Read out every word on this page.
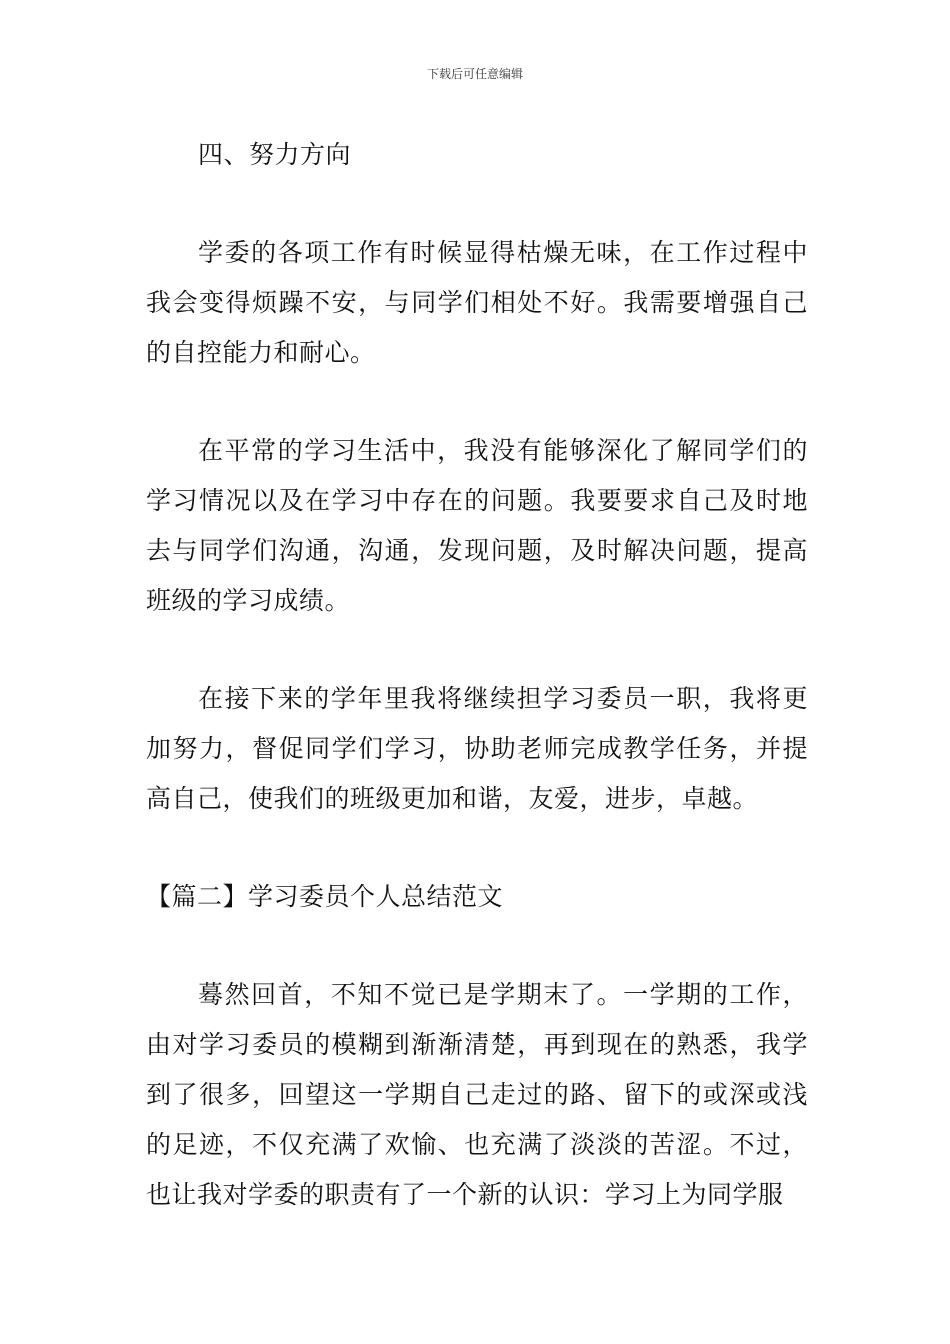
下载后可任意编辑

四、努力方向

学委的各项工作有时候显得枯燥无味，在工作过程中我会变得烦躁不安，与同学们相处不好。我需要增强自己的自控能力和耐心。

在平常的学习生活中，我没有能够深化了解同学们的学习情况以及在学习中存在的问题。我要要求自己及时地去与同学们沟通，沟通，发现问题，及时解决问题，提高班级的学习成绩。

在接下来的学年里我将继续担学习委员一职，我将更加努力，督促同学们学习，协助老师完成教学任务，并提高自己，使我们的班级更加和谐，友爱，进步，卓越。

【篇二】学习委员个人总结范文

蓦然回首，不知不觉已是学期末了。一学期的工作，由对学习委员的模糊到渐渐清楚，再到现在的熟悉，我学到了很多，回望这一学期自己走过的路、留下的或深或浅的足迹，不仅充满了欢愉、也充满了淡淡的苦涩。不过，也让我对学委的职责有了一个新的认识：学习上为同学服
